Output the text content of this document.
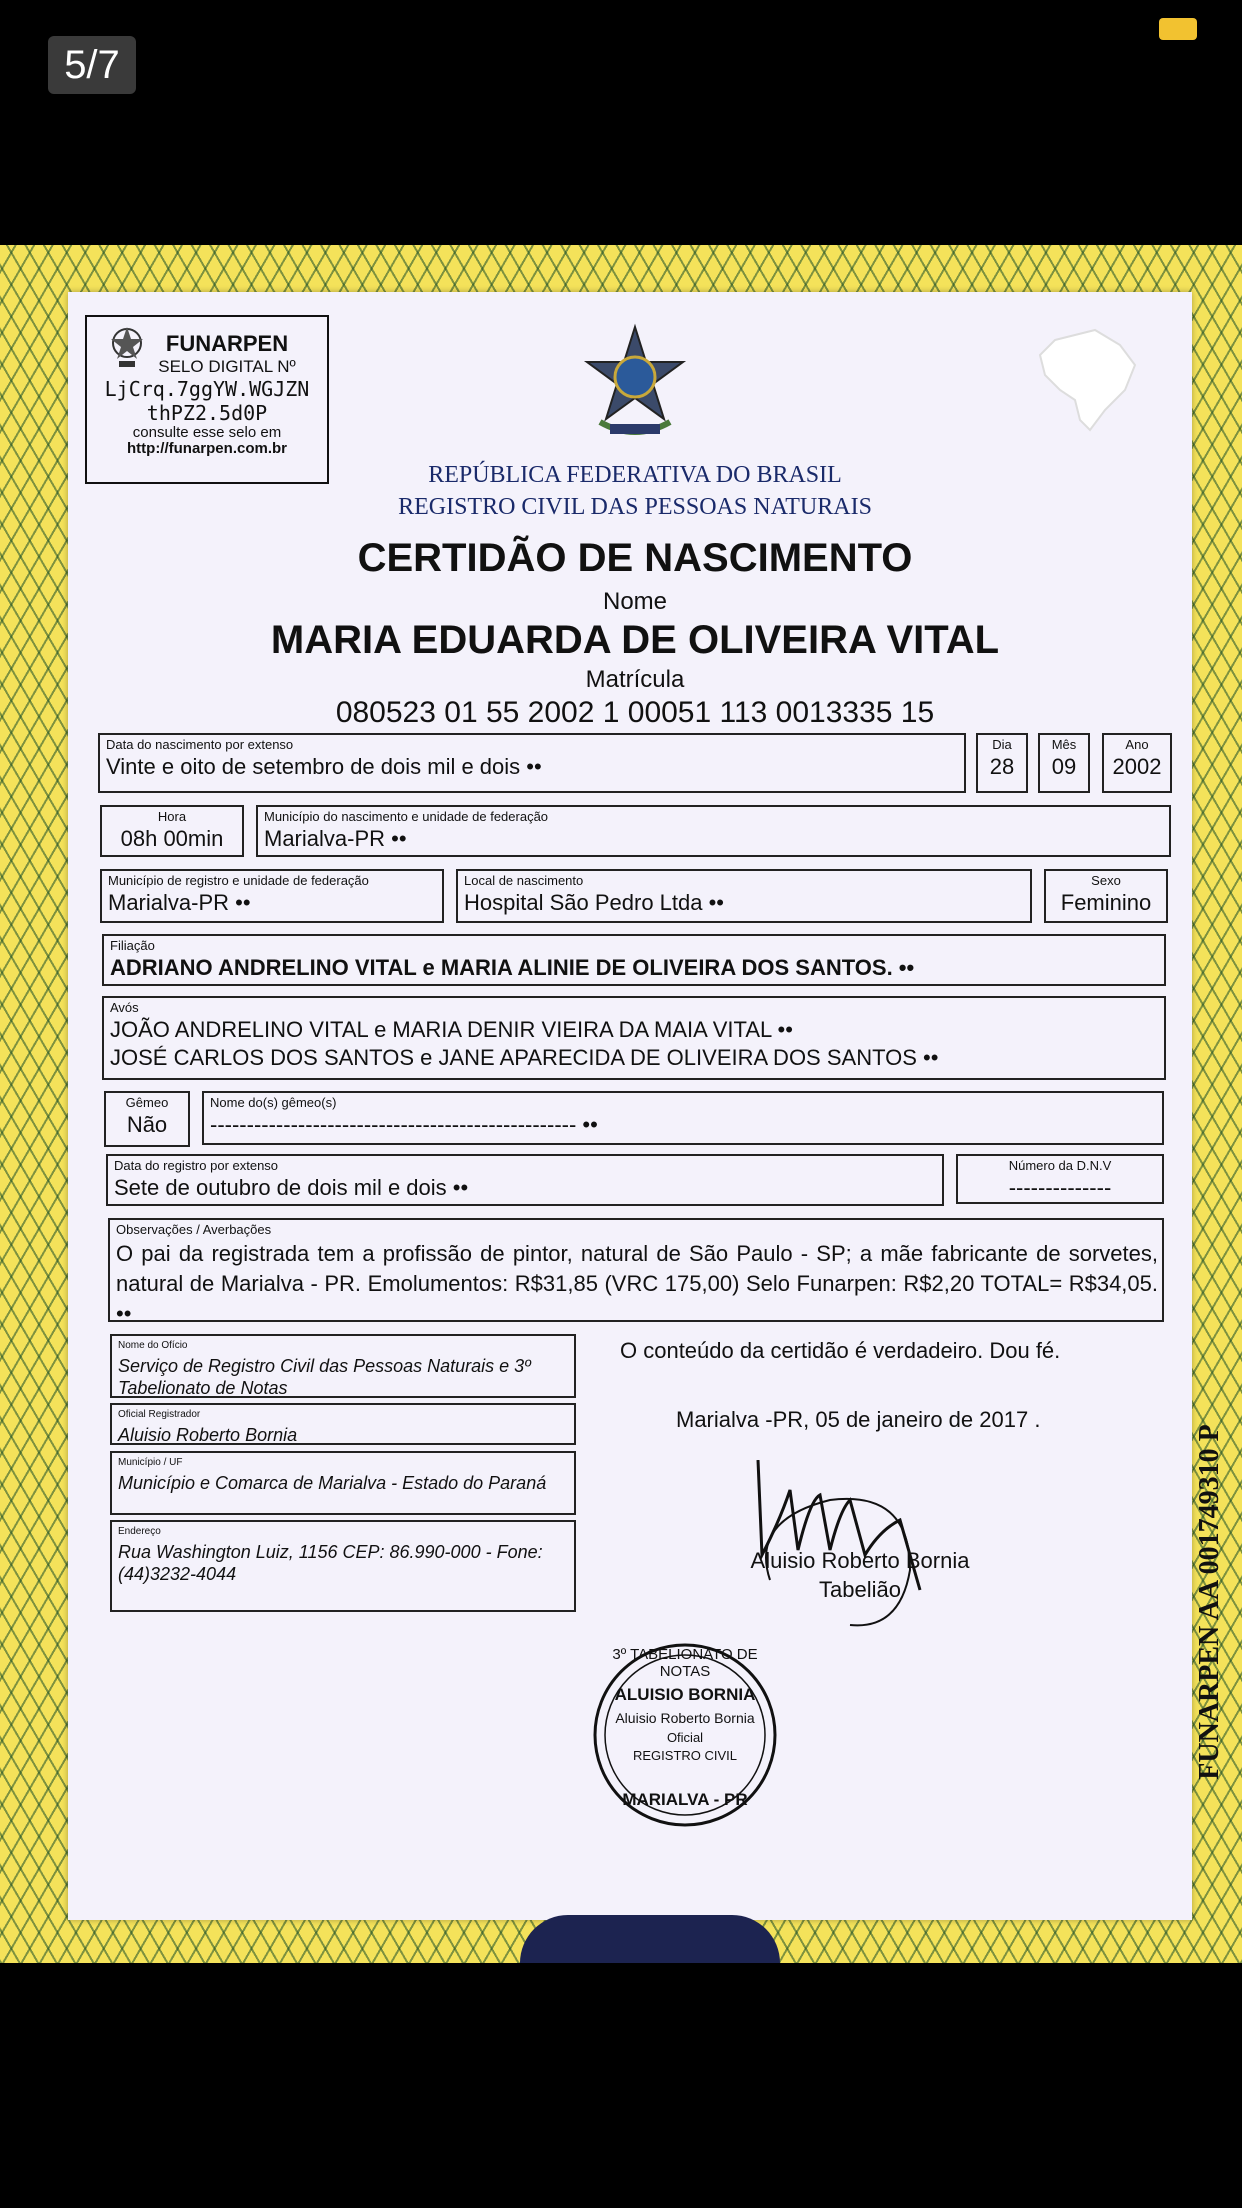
5/7
FUNARPEN
SELO DIGITAL Nº
LjCrq.7ggYW.WGJZN
thPZ2.5d0P
consulte esse selo em
http://funarpen.com.br
REPÚBLICA FEDERATIVA DO BRASIL
REGISTRO CIVIL DAS PESSOAS NATURAIS
CERTIDÃO DE NASCIMENTO
Nome
MARIA EDUARDA DE OLIVEIRA VITAL
Matrícula
080523 01 55 2002 1 00051 113 0013335 15
Data do nascimento por extenso
Vinte e oito de setembro de dois mil e dois ••
Dia
28
Mês
09
Ano
2002
Hora
08h 00min
Município do nascimento e unidade de federação
Marialva-PR ••
Município de registro e unidade de federação
Marialva-PR ••
Local de nascimento
Hospital São Pedro Ltda ••
Sexo
Feminino
Filiação
ADRIANO ANDRELINO VITAL e MARIA ALINIE DE OLIVEIRA DOS SANTOS. ••
Avós
JOÃO ANDRELINO VITAL e MARIA DENIR VIEIRA DA MAIA VITAL ••
JOSÉ CARLOS DOS SANTOS e JANE APARECIDA DE OLIVEIRA DOS SANTOS ••
Gêmeo
Não
Nome do(s) gêmeo(s)
-------------------------------------------------- ••
Data do registro por extenso
Sete de outubro de dois mil e dois ••
Número da D.N.V
--------------
Observações / Averbações
O pai da registrada tem a profissão de pintor, natural de São Paulo - SP; a mãe fabricante de sorvetes, natural de Marialva - PR. Emolumentos: R$31,85 (VRC 175,00) Selo Funarpen: R$2,20 TOTAL= R$34,05. ••
Nome do Ofício
Serviço de Registro Civil das Pessoas Naturais e 3º Tabelionato de Notas
Oficial Registrador
Aluisio Roberto Bornia
Município / UF
Município e Comarca de Marialva - Estado do Paraná
Endereço
Rua Washington Luiz, 1156 CEP: 86.990-000 - Fone: (44)3232-4044
O conteúdo da certidão é verdadeiro. Dou fé.
Marialva -PR, 05 de janeiro de 2017 .
Aluisio Roberto Bornia
Tabelião
3º TABELIONATO DE NOTAS
ALUISIO BORNIA
Aluisio Roberto Bornia
Oficial
REGISTRO CIVIL
MARIALVA - PR
FUNARPEN AA 001749310 P
